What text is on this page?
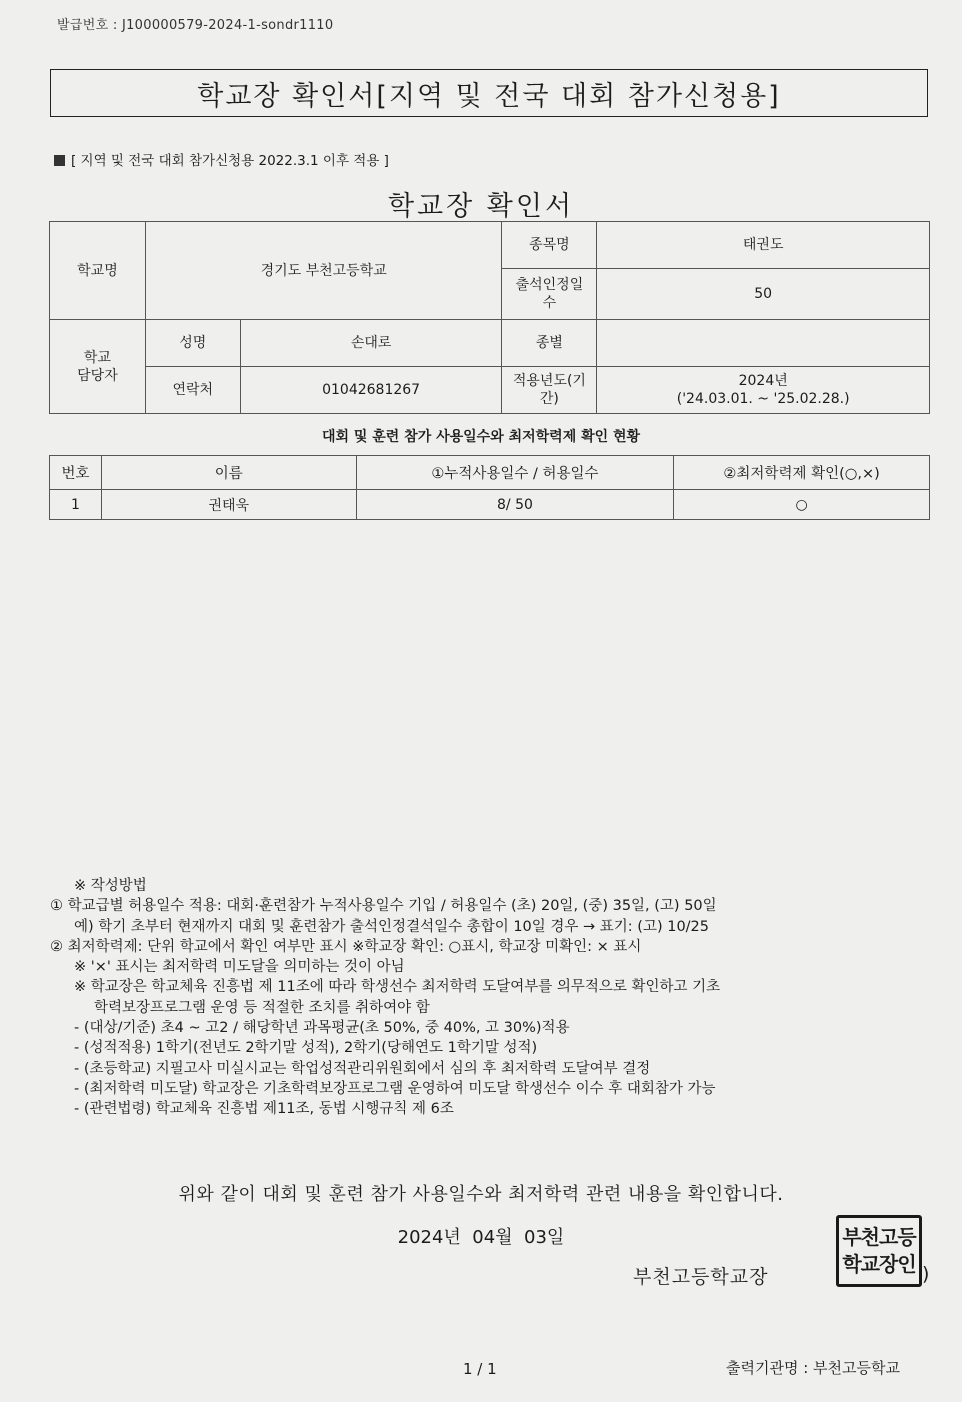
발급번호 : J100000579-2024-1-sondr1110
학교장 확인서[지역 및 전국 대회 참가신청용]
[ 지역 및 전국 대회 참가신청용 2022.3.1 이후 적용 ]
학교장 확인서
학교명	경기도 부천고등학교		종목명	태권도
			출석인정일수	50
학교
담당자	성명	손대로	종별	
	연락처	01042681267	적용년도(기간)	2024년
('24.03.01. ~ '25.02.28.)
대회 및 훈련 참가 사용일수와 최저학력제 확인 현황
번호	이름	①누적사용일수 / 허용일수	②최저학력제 확인(○,×)
1	권태욱	8/ 50	○
※ 작성방법
① 학교급별 허용일수 적용: 대회·훈련참가 누적사용일수 기입 / 허용일수 (초) 20일, (중) 35일, (고) 50일
예) 학기 초부터 현재까지 대회 및 훈련참가 출석인정결석일수 총합이 10일 경우 → 표기: (고) 10/25
② 최저학력제: 단위 학교에서 확인 여부만 표시 ※학교장 확인: ○표시, 학교장 미확인: × 표시
※ '×' 표시는 최저학력 미도달을 의미하는 것이 아님
※ 학교장은 학교체육 진흥법 제 11조에 따라 학생선수 최저학력 도달여부를 의무적으로 확인하고 기초
학력보장프로그램 운영 등 적절한 조치를 취하여야 함
- (대상/기준) 초4 ~ 고2 / 해당학년 과목평균(초 50%, 중 40%, 고 30%)적용
- (성적적용) 1학기(전년도 2학기말 성적), 2학기(당해연도 1학기말 성적)
- (초등학교) 지필고사 미실시교는 학업성적관리위원회에서 심의 후 최저학력 도달여부 결정
- (최저학력 미도달) 학교장은 기초학력보장프로그램 운영하여 미도달 학생선수 이수 후 대회참가 가능
- (관련법령) 학교체육 진흥법 제11조, 동법 시행규칙 제 6조
위와 같이 대회 및 훈련 참가 사용일수와 최저학력 관련 내용을 확인합니다.
2024년  04월  03일
부천고등학교장
부천고등
학교장인 )
1 / 1	출력기관명 : 부천고등학교
